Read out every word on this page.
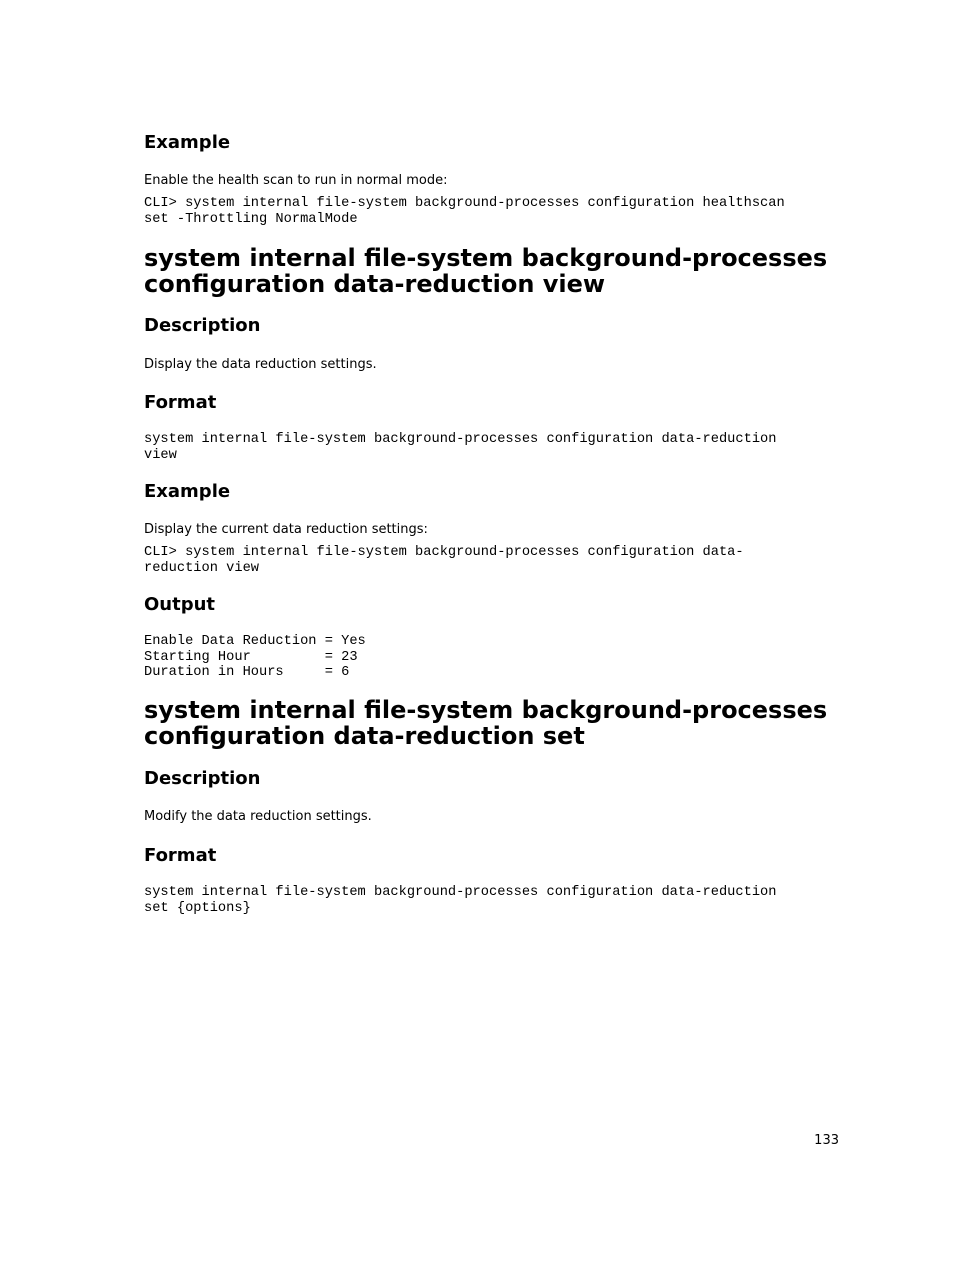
Example
Enable the health scan to run in normal mode:
CLI> system internal file-system background-processes configuration healthscan
set -Throttling NormalMode
system internal file-system background-processes
configuration data-reduction view
Description
Display the data reduction settings.
Format
system internal file-system background-processes configuration data-reduction
view
Example
Display the current data reduction settings:
CLI> system internal file-system background-processes configuration data-
reduction view
Output
Enable Data Reduction = Yes
Starting Hour         = 23
Duration in Hours     = 6
system internal file-system background-processes
configuration data-reduction set
Description
Modify the data reduction settings.
Format
system internal file-system background-processes configuration data-reduction
set {options}
133
